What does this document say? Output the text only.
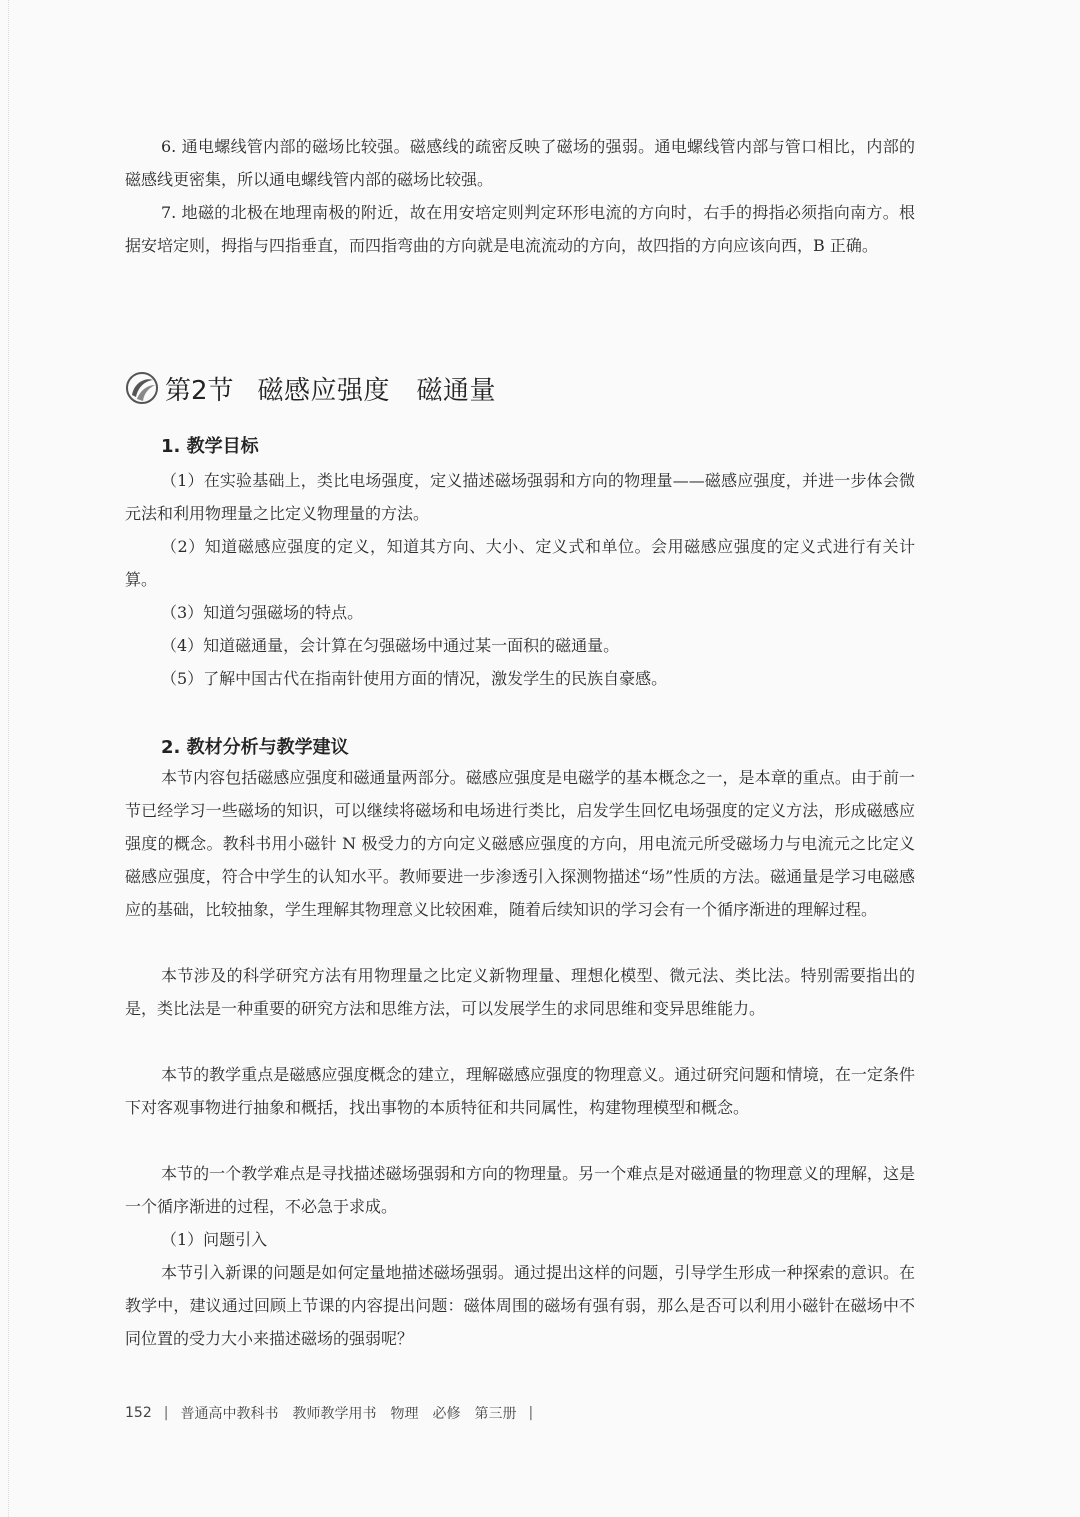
6. 通电螺线管内部的磁场比较强。磁感线的疏密反映了磁场的强弱。通电螺线管内部与管口相比，内部的磁感线更密集，所以通电螺线管内部的磁场比较强。

7. 地磁的北极在地理南极的附近，故在用安培定则判定环形电流的方向时，右手的拇指必须指向南方。根据安培定则，拇指与四指垂直，而四指弯曲的方向就是电流流动的方向，故四指的方向应该向西，B 正确。

第2节 磁感应强度　磁通量
1. 教学目标

（1）在实验基础上，类比电场强度，定义描述磁场强弱和方向的物理量——磁感应强度，并进一步体会微元法和利用物理量之比定义物理量的方法。

（2）知道磁感应强度的定义，知道其方向、大小、定义式和单位。会用磁感应强度的定义式进行有关计算。

（3）知道匀强磁场的特点。

（4）知道磁通量，会计算在匀强磁场中通过某一面积的磁通量。

（5）了解中国古代在指南针使用方面的情况，激发学生的民族自豪感。

2. 教材分析与教学建议

本节内容包括磁感应强度和磁通量两部分。磁感应强度是电磁学的基本概念之一，是本章的重点。由于前一节已经学习一些磁场的知识，可以继续将磁场和电场进行类比，启发学生回忆电场强度的定义方法，形成磁感应强度的概念。教科书用小磁针 N 极受力的方向定义磁感应强度的方向，用电流元所受磁场力与电流元之比定义磁感应强度，符合中学生的认知水平。教师要进一步渗透引入探测物描述“场”性质的方法。磁通量是学习电磁感应的基础，比较抽象，学生理解其物理意义比较困难，随着后续知识的学习会有一个循序渐进的理解过程。

本节涉及的科学研究方法有用物理量之比定义新物理量、理想化模型、微元法、类比法。特别需要指出的是，类比法是一种重要的研究方法和思维方法，可以发展学生的求同思维和变异思维能力。

本节的教学重点是磁感应强度概念的建立，理解磁感应强度的物理意义。通过研究问题和情境，在一定条件下对客观事物进行抽象和概括，找出事物的本质特征和共同属性，构建物理模型和概念。

本节的一个教学难点是寻找描述磁场强弱和方向的物理量。另一个难点是对磁通量的物理意义的理解，这是一个循序渐进的过程，不必急于求成。

（1）问题引入

本节引入新课的问题是如何定量地描述磁场强弱。通过提出这样的问题，引导学生形成一种探索的意识。在教学中，建议通过回顾上节课的内容提出问题：磁体周围的磁场有强有弱，那么是否可以利用小磁针在磁场中不同位置的受力大小来描述磁场的强弱呢？

152 | 普通高中教科书 教师教学用书 物理 必修 第三册 |
